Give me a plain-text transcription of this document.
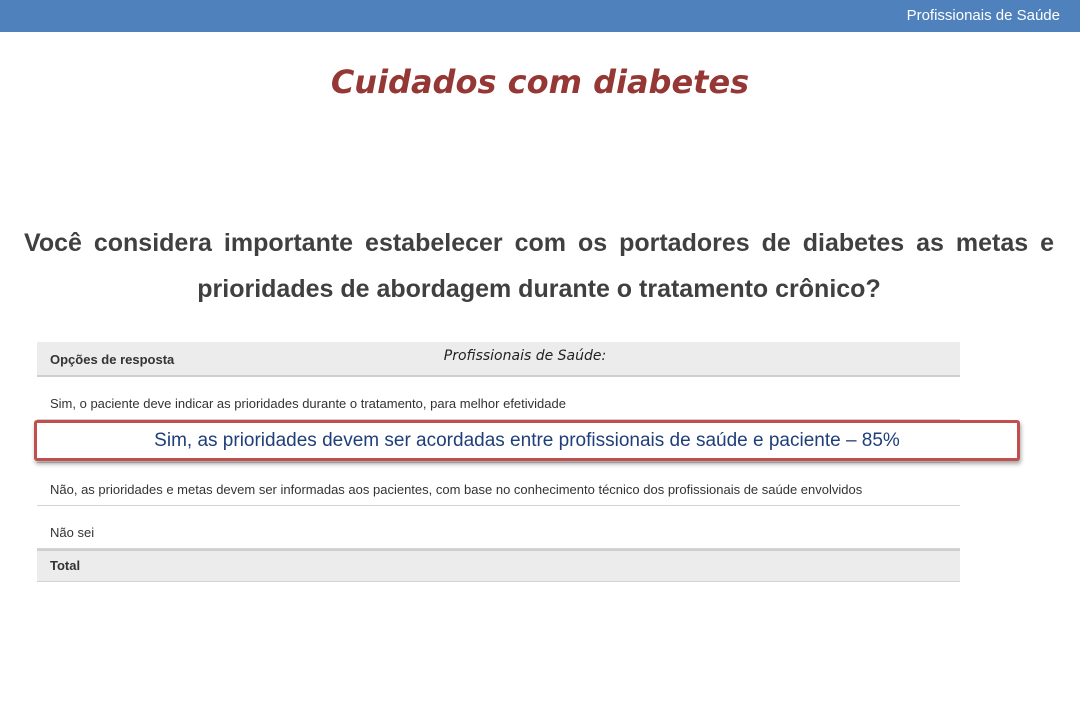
Profissionais de Saúde
Cuidados com diabetes

Você considera importante estabelecer com os portadores de diabetes as metas e prioridades de abordagem durante o tratamento crônico?

Opções de resposta
Sim, o paciente deve indicar as prioridades durante o tratamento, para melhor efetividade
Não, as prioridades e metas devem ser informadas aos pacientes, com base no conhecimento técnico dos profissionais de saúde envolvidos
Não sei
Total
Profissionais de Saúde:
Sim, as prioridades devem ser acordadas entre profissionais de saúde e paciente – 85%
